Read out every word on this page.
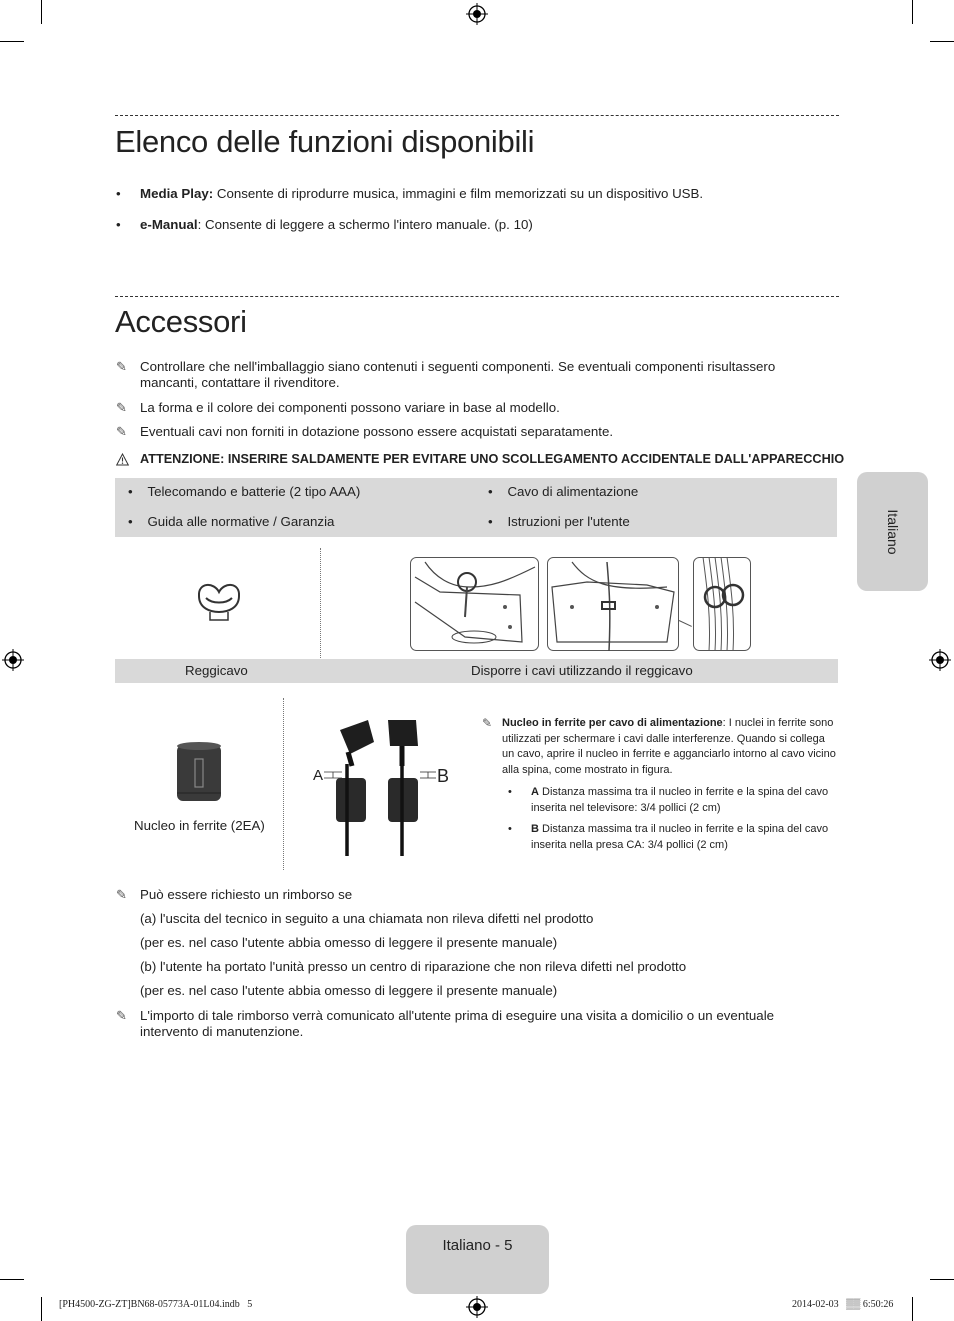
Elenco delle funzioni disponibili
• Media Play: Consente di riprodurre musica, immagini e film memorizzati su un dispositivo USB.
• e-Manual: Consente di leggere a schermo l'intero manuale. (p. 10)
Accessori
✎ Controllare che nell'imballaggio siano contenuti i seguenti componenti. Se eventuali componenti risultassero mancanti, contattare il rivenditore.
✎ La forma e il colore dei componenti possono variare in base al modello.
✎ Eventuali cavi non forniti in dotazione possono essere acquistati separatamente.
ATTENZIONE: INSERIRE SALDAMENTE PER EVITARE UNO SCOLLEGAMENTO ACCIDENTALE DALL'APPARECCHIO
• Telecomando e batterie (2 tipo AAA)	• Cavo di alimentazione
• Guida alle normative / Garanzia	• Istruzioni per l'utente
Reggicavo	Disporre i cavi utilizzando il reggicavo
Nucleo in ferrite (2EA)
A	B
✎ Nucleo in ferrite per cavo di alimentazione: I nuclei in ferrite sono utilizzati per schermare i cavi dalle interferenze. Quando si collega un cavo, aprire il nucleo in ferrite e agganciarlo intorno al cavo vicino alla spina, come mostrato in figura.
• A Distanza massima tra il nucleo in ferrite e la spina del cavo inserita nel televisore: 3/4 pollici (2 cm)
• B Distanza massima tra il nucleo in ferrite e la spina del cavo inserita nella presa CA: 3/4 pollici (2 cm)
✎ Può essere richiesto un rimborso se
(a) l'uscita del tecnico in seguito a una chiamata non rileva difetti nel prodotto
(per es. nel caso l'utente abbia omesso di leggere il presente manuale)
(b) l'utente ha portato l'unità presso un centro di riparazione che non rileva difetti nel prodotto
(per es. nel caso l'utente abbia omesso di leggere il presente manuale)
✎ L'importo di tale rimborso verrà comunicato all'utente prima di eseguire una visita a domicilio o un eventuale intervento di manutenzione.
Italiano
Italiano - 5
[PH4500-ZG-ZT]BN68-05773A-01L04.indb   5	2014-02-03   ▒▒ 6:50:26
